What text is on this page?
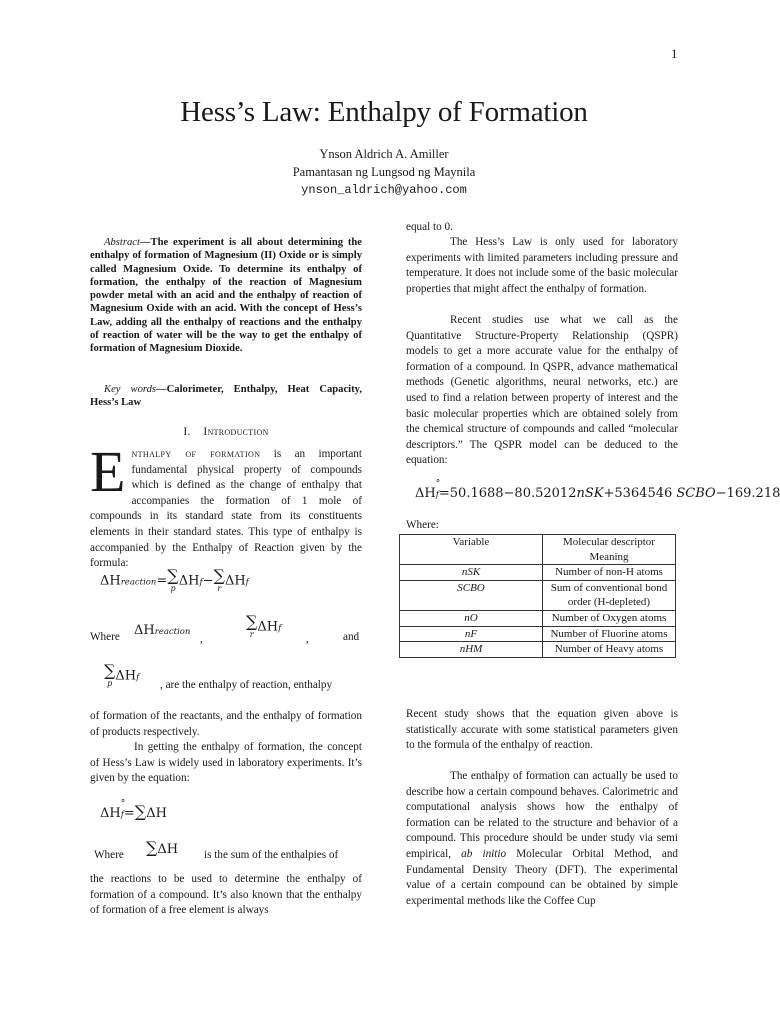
1
Hess’s Law: Enthalpy of Formation
Ynson Aldrich A. Amiller
Pamantasan ng Lungsod ng Maynila
ynson_aldrich@yahoo.com
Abstract—The experiment is all about determining the enthalpy of formation of Magnesium (II) Oxide or is simply called Magnesium Oxide. To determine its enthalpy of formation, the enthalpy of the reaction of Magnesium powder metal with an acid and the enthalpy of reaction of Magnesium Oxide with an acid. With the concept of Hess’s Law, adding all the enthalpy of reactions and the enthalpy of reaction of water will be the way to get the enthalpy of formation of Magnesium Dioxide.
Key words—Calorimeter, Enthalpy, Heat Capacity, Hess’s Law
I. Introduction
Enthalpy of formation is an important fundamental physical property of compounds which is defined as the change of enthalpy that accompanies the formation of 1 mole of compounds in its standard state from its constituents elements in their standard states. This type of enthalpy is accompanied by the Enthalpy of Reaction given by the formula:
ΔHreaction= ∑
p ΔHf− ∑
r ΔHf
Where ΔHreaction
,
∑
r ΔHf
,	and
∑
p ΔHf
, are the enthalpy of reaction, enthalpy
of formation of the reactants, and the enthalpy of formation of products respectively.
In getting the enthalpy of formation, the concept of Hess’s Law is widely used in laboratory experiments. It’s given by the equation:
ΔH
°
f=∑ΔH
Where ∑ΔH is the sum of the enthalpies of
the reactions to be used to determine the enthalpy of formation of a compound. It’s also known that the enthalpy of formation of a free element is always
equal to 0.
The Hess’s Law is only used for laboratory experiments with limited parameters including pressure and temperature. It does not include some of the basic molecular properties that might affect the enthalpy of formation.
Recent studies use what we call as the Quantitative Structure-Property Relationship (QSPR) models to get a more accurate value for the enthalpy of formation of a compound. In QSPR, advance mathematical methods (Genetic algorithms, neural networks, etc.) are used to find a relation between property of interest and the basic molecular properties which are obtained solely from the chemical structure of compounds and called “molecular descriptors.” The QSPR model can be deduced to the equation:
ΔH
°
f=50.1688−80.52012nSK+5364546 SCBO−169.218
Where:
Variable	Molecular descriptor Meaning
nSK	Number of non-H atoms
SCBO	Sum of conventional bond order (H-depleted)
nO	Number of Oxygen atoms
nF	Number of Fluorine atoms
nHM	Number of Heavy atoms
Recent study shows that the equation given above is statistically accurate with some statistical parameters given to the formula of the enthalpy of reaction.
The enthalpy of formation can actually be used to describe how a certain compound behaves. Calorimetric and computational analysis shows how the enthalpy of formation can be related to the structure and behavior of a compound. This procedure should be under study via semi empirical, ab initio Molecular Orbital Method, and Fundamental Density Theory (DFT). The experimental value of a certain compound can be obtained by simple experimental methods like the Coffee Cup
